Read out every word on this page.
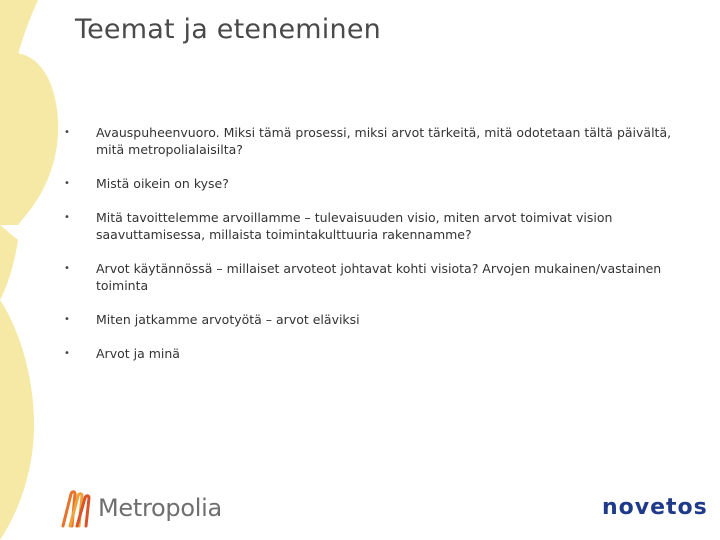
Teemat ja eteneminen
• Avauspuheenvuoro. Miksi tämä prosessi, miksi arvot tärkeitä, mitä odotetaan tältä päivältä, mitä metropolialaisilta?
• Mistä oikein on kyse?
• Mitä tavoittelemme arvoillamme – tulevaisuuden visio, miten arvot toimivat vision saavuttamisessa, millaista toimintakulttuuria rakennamme?
• Arvot käytännössä – millaiset arvoteot johtavat kohti visiota? Arvojen mukainen/vastainen toiminta
• Miten jatkamme arvotyötä – arvot eläviksi
• Arvot ja minä
Metropolia	novetos
